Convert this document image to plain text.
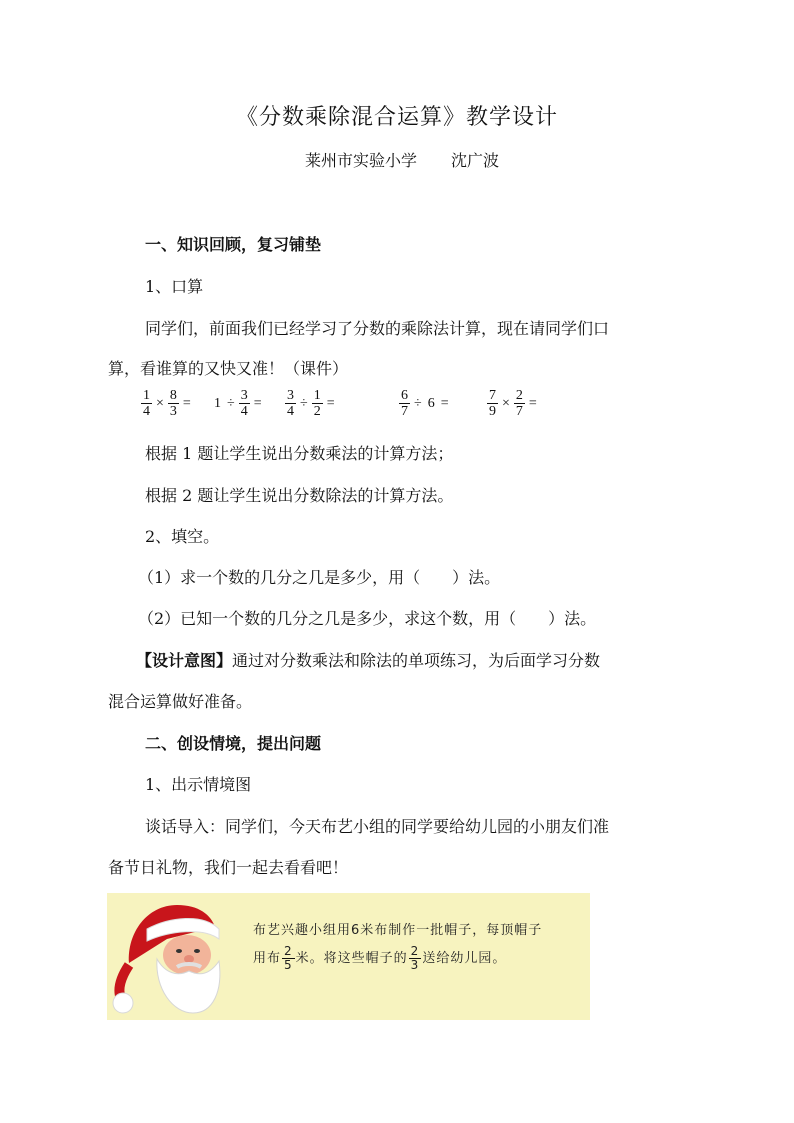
《分数乘除混合运算》教学设计
莱州市实验小学 沈广波
一、知识回顾，复习铺垫
1、口算
同学们，前面我们已经学习了分数的乘除法计算，现在请同学们口
算，看谁算的又快又准！（课件）
$\frac{1}{4} \times \frac{8}{3} = 1 \div \frac{3}{4} = \frac{3}{4} \div \frac{1}{2}$ =	$\frac{6}{7} \div 6$ =	$\frac{7}{9} \times \frac{2}{7}$ =
根据 1 题让学生说出分数乘法的计算方法；
根据 2 题让学生说出分数除法的计算方法。
2、填空。
（1）求一个数的几分之几是多少，用（　　）法。
（2）已知一个数的几分之几是多少，求这个数，用（　　）法。
【设计意图】通过对分数乘法和除法的单项练习，为后面学习分数
混合运算做好准备。
二、创设情境，提出问题
1、出示情境图
谈话导入：同学们，今天布艺小组的同学要给幼儿园的小朋友们准
备节日礼物，我们一起去看看吧！
布艺兴趣小组用6米布制作一批帽子，每顶帽子
用布 $\frac{2}{5}$ 米。将这些帽子的 $\frac{2}{3}$ 送给幼儿园。
